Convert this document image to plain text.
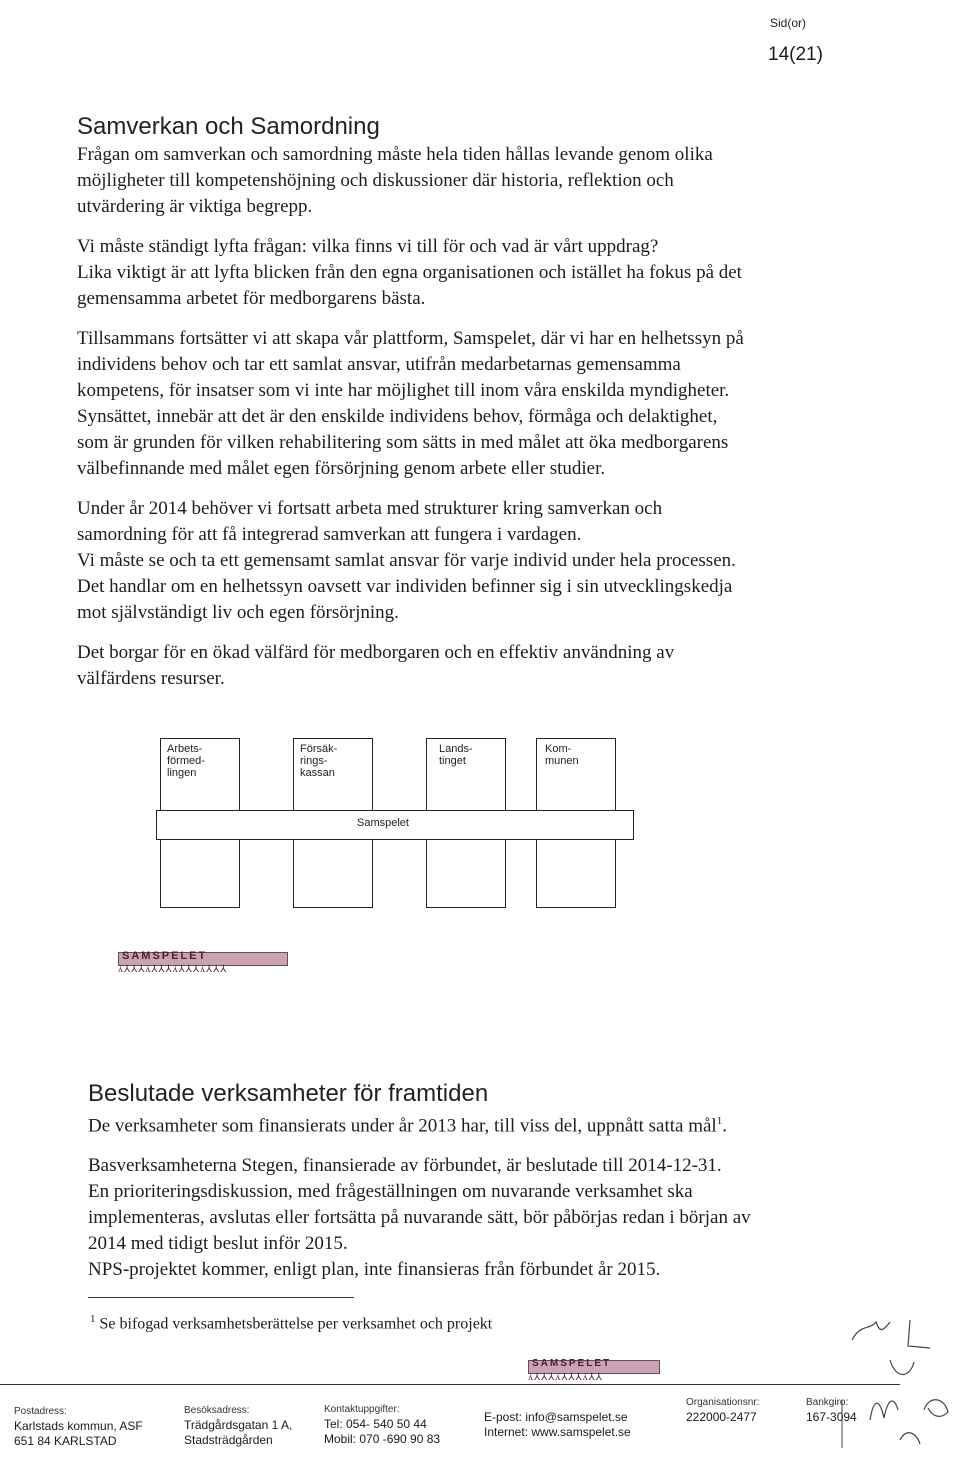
Sid(or)
14(21)
Samverkan och Samordning

Frågan om samverkan och samordning måste hela tiden hållas levande genom olika

möjligheter till kompetenshöjning och diskussioner där historia, reflektion och

utvärdering är viktiga begrepp.

Vi måste ständigt lyfta frågan: vilka finns vi till för och vad är vårt uppdrag?

Lika viktigt är att lyfta blicken från den egna organisationen och istället ha fokus på det

gemensamma arbetet för medborgarens bästa.

Tillsammans fortsätter vi att skapa vår plattform, Samspelet, där vi har en helhetssyn på

individens behov och tar ett samlat ansvar, utifrån medarbetarnas gemensamma

kompetens, för insatser som vi inte har möjlighet till inom våra enskilda myndigheter.

Synsättet, innebär att det är den enskilde individens behov, förmåga och delaktighet,

som är grunden för vilken rehabilitering som sätts in med målet att öka medborgarens

välbefinnande med målet egen försörjning genom arbete eller studier.

Under år 2014 behöver vi fortsatt arbeta med strukturer kring samverkan och

samordning för att få integrerad samverkan att fungera i vardagen.

Vi måste se och ta ett gemensamt samlat ansvar för varje individ under hela processen.

Det handlar om en helhetssyn oavsett var individen befinner sig i sin utvecklingskedja

mot självständigt liv och egen försörjning.

Det borgar för en ökad välfärd för medborgaren och en effektiv användning av

välfärdens resurser.

Arbets-
förmed-
lingen
Försäk-
rings-
kassan
Lands-
tinget
Kom-
munen
Samspelet
SAMSPELET
ʎ⅄⅄⅄ʎ⅄⅄⅄ʎ⅄⅄⅄ʎ⅄⅄⅄
Beslutade verksamheter för framtiden

De verksamheter som finansierats under år 2013 har, till viss del, uppnått satta mål$^1$.

Basverksamheterna Stegen, finansierade av förbundet, är beslutade till 2014-12-31.

En prioriteringsdiskussion, med frågeställningen om nuvarande verksamhet ska

implementeras, avslutas eller fortsätta på nuvarande sätt, bör påbörjas redan i början av

2014 med tidigt beslut inför 2015.

NPS-projektet kommer, enligt plan, inte finansieras från förbundet år 2015.

$^1$ Se bifogad verksamhetsberättelse per verksamhet och projekt
SAMSPELET
ʎ⅄⅄⅄ʎ⅄⅄⅄ʎ⅄⅄
Postadress:
Karlstads kommun, ASF
651 84 KARLSTAD
Besöksadress:
Trädgårdsgatan 1 A,
Stadsträdgården
Kontaktuppgifter:
Tel: 054- 540 50 44
Mobil: 070 -690 90 83
E-post: info@samspelet.se
Internet: www.samspelet.se
Organisationsnr:
222000-2477
Bankgiro:
167-3094
